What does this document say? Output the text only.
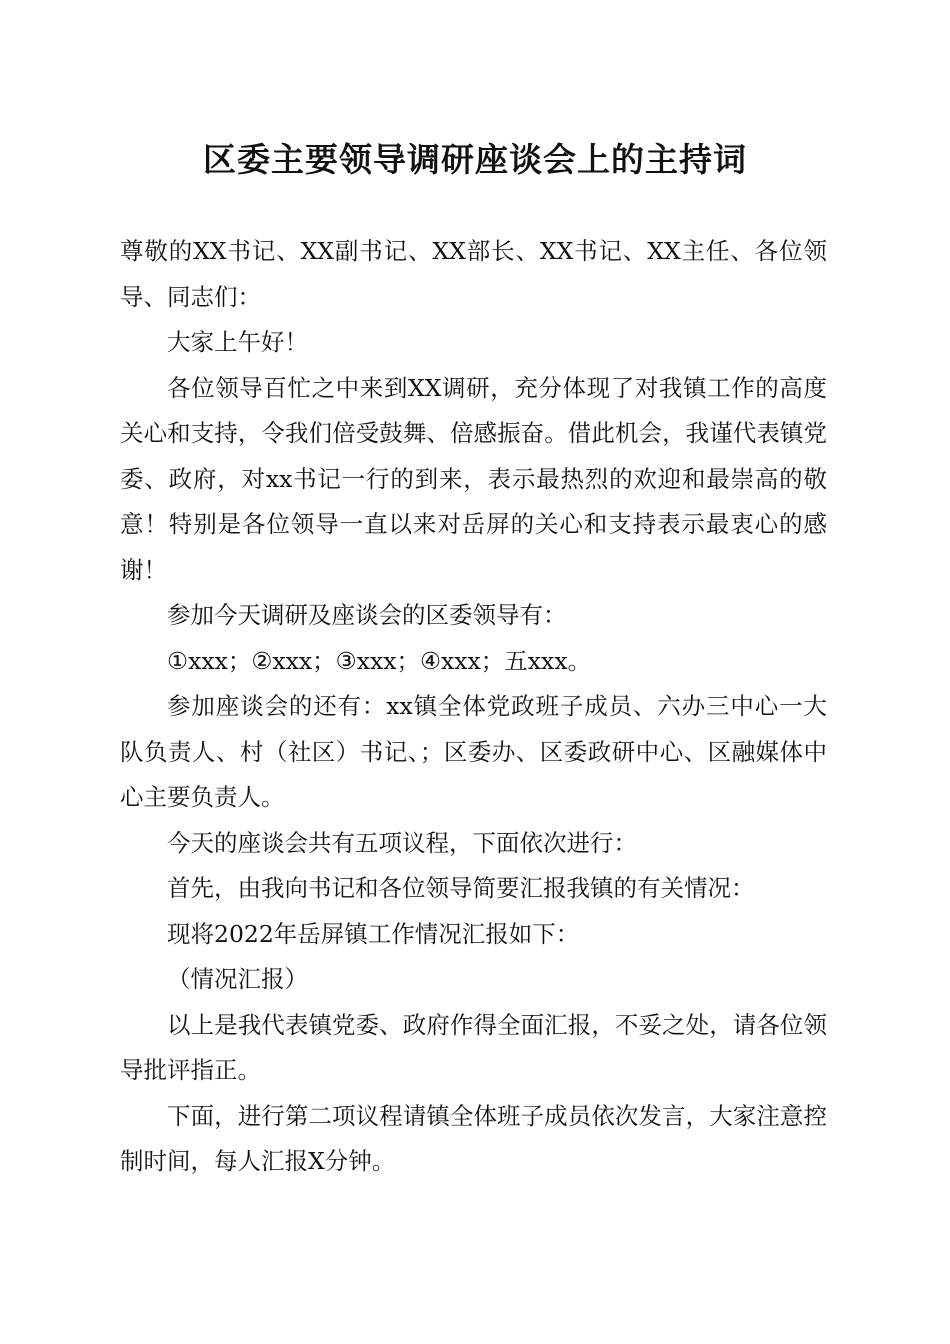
区委主要领导调研座谈会上的主持词

尊敬的XX书记、XX副书记、XX部长、XX书记、XX主任、各位领导、同志们：

大家上午好！

各位领导百忙之中来到XX调研，充分体现了对我镇工作的高度关心和支持，令我们倍受鼓舞、倍感振奋。借此机会，我谨代表镇党委、政府，对xx书记一行的到来，表示最热烈的欢迎和最崇高的敬意！特别是各位领导一直以来对岳屏的关心和支持表示最衷心的感谢！

参加今天调研及座谈会的区委领导有：

①xxx；②xxx；③xxx；④xxx；五xxx。

参加座谈会的还有：xx镇全体党政班子成员、六办三中心一大队负责人、村（社区）书记、；区委办、区委政研中心、区融媒体中心主要负责人。

今天的座谈会共有五项议程，下面依次进行：

首先，由我向书记和各位领导简要汇报我镇的有关情况：

现将2022年岳屏镇工作情况汇报如下：

（情况汇报）

以上是我代表镇党委、政府作得全面汇报，不妥之处，请各位领导批评指正。

下面，进行第二项议程请镇全体班子成员依次发言，大家注意控制时间，每人汇报X分钟。
